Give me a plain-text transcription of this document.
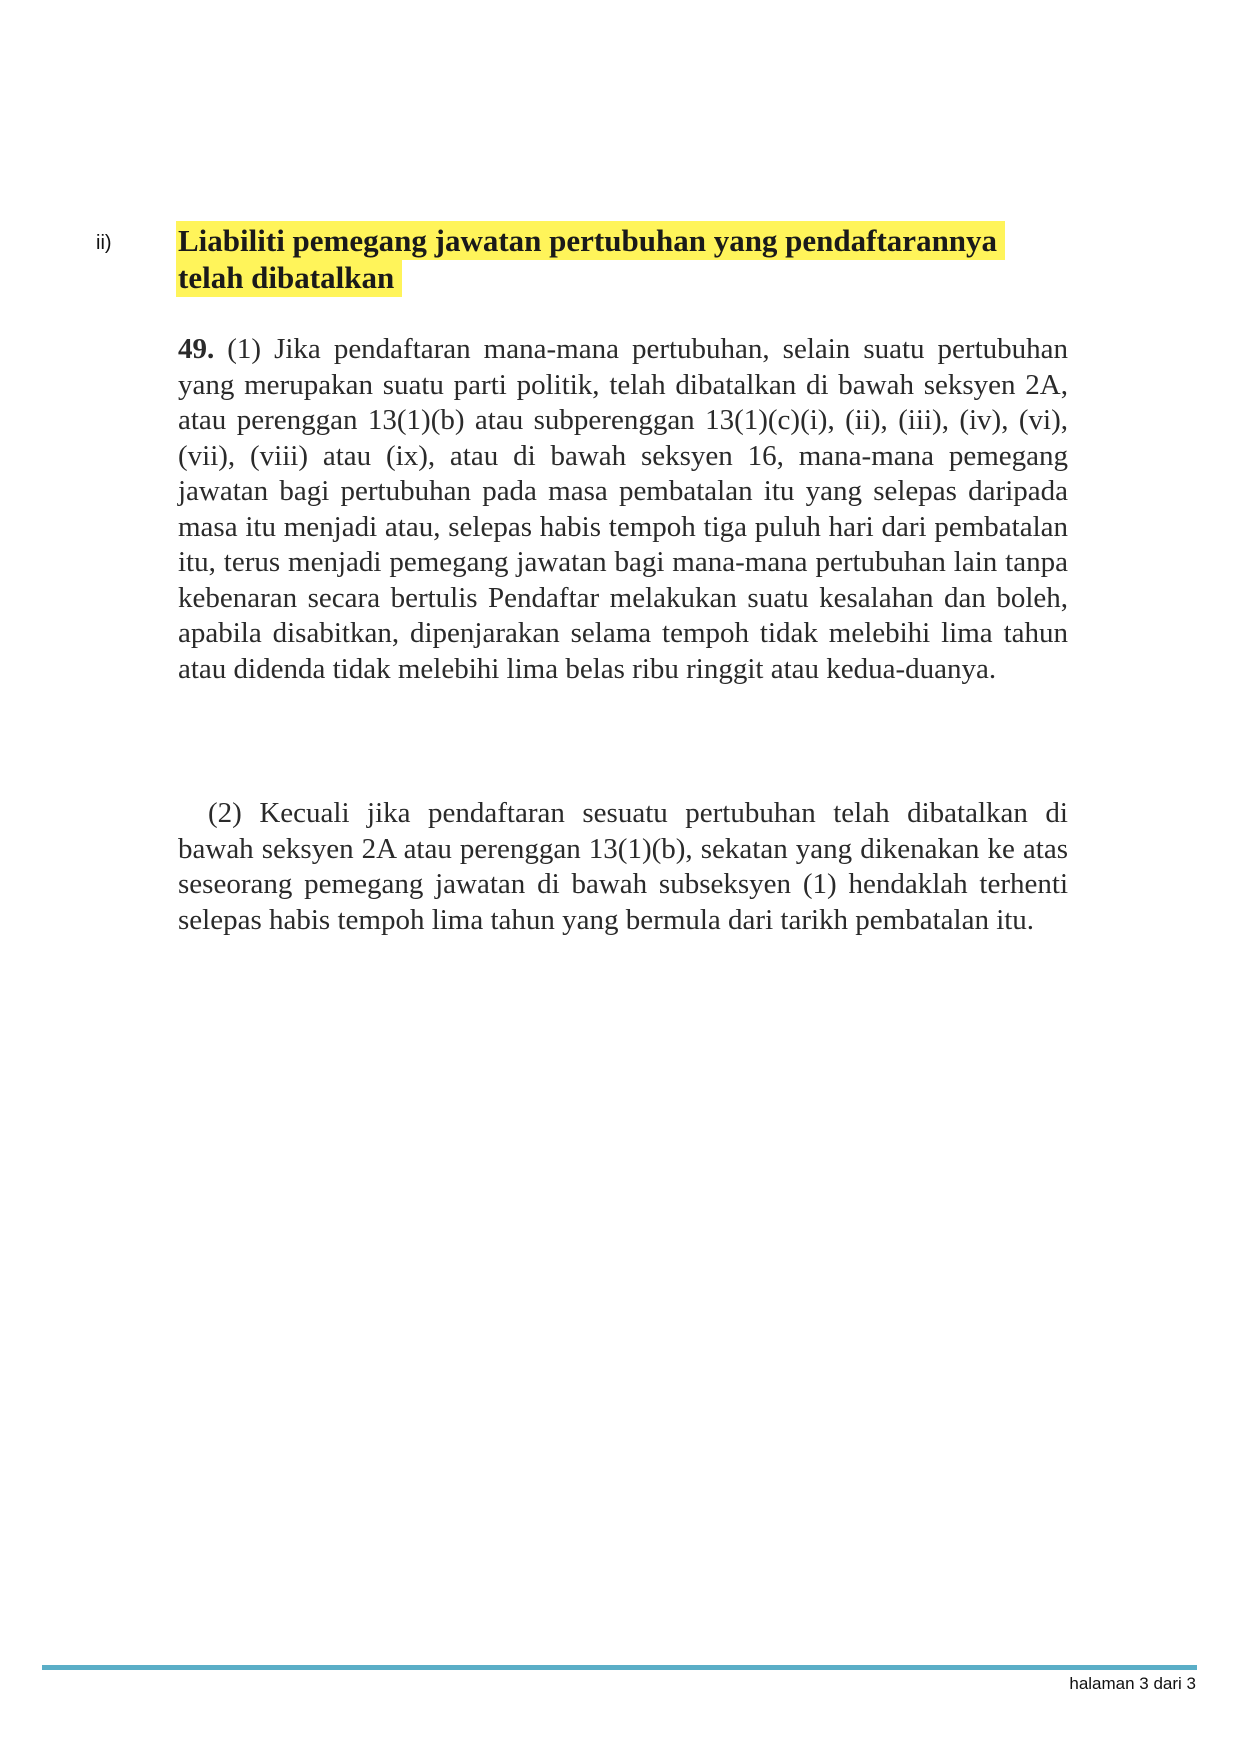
ii) Liabiliti pemegang jawatan pertubuhan yang pendaftarannya
telah dibatalkan

49. (1) Jika pendaftaran mana-mana pertubuhan, selain suatu pertubuhan yang merupakan suatu parti politik, telah dibatalkan di bawah seksyen 2A, atau perenggan 13(1)(b) atau subperenggan 13(1)(c)(i), (ii), (iii), (iv), (vi), (vii), (viii) atau (ix), atau di bawah seksyen 16, mana-mana pemegang jawatan bagi pertubuhan pada masa pembatalan itu yang selepas daripada masa itu menjadi atau, selepas habis tempoh tiga puluh hari dari pembatalan itu, terus menjadi pemegang jawatan bagi mana-mana pertubuhan lain tanpa kebenaran secara bertulis Pendaftar melakukan suatu kesalahan dan boleh, apabila disabitkan, dipenjarakan selama tempoh tidak melebihi lima tahun atau didenda tidak melebihi lima belas ribu ringgit atau kedua-duanya.

(2) Kecuali jika pendaftaran sesuatu pertubuhan telah dibatalkan di bawah seksyen 2A atau perenggan 13(1)(b), sekatan yang dikenakan ke atas seseorang pemegang jawatan di bawah subseksyen (1) hendaklah terhenti selepas habis tempoh lima tahun yang bermula dari tarikh pembatalan itu.

halaman 3 dari 3
